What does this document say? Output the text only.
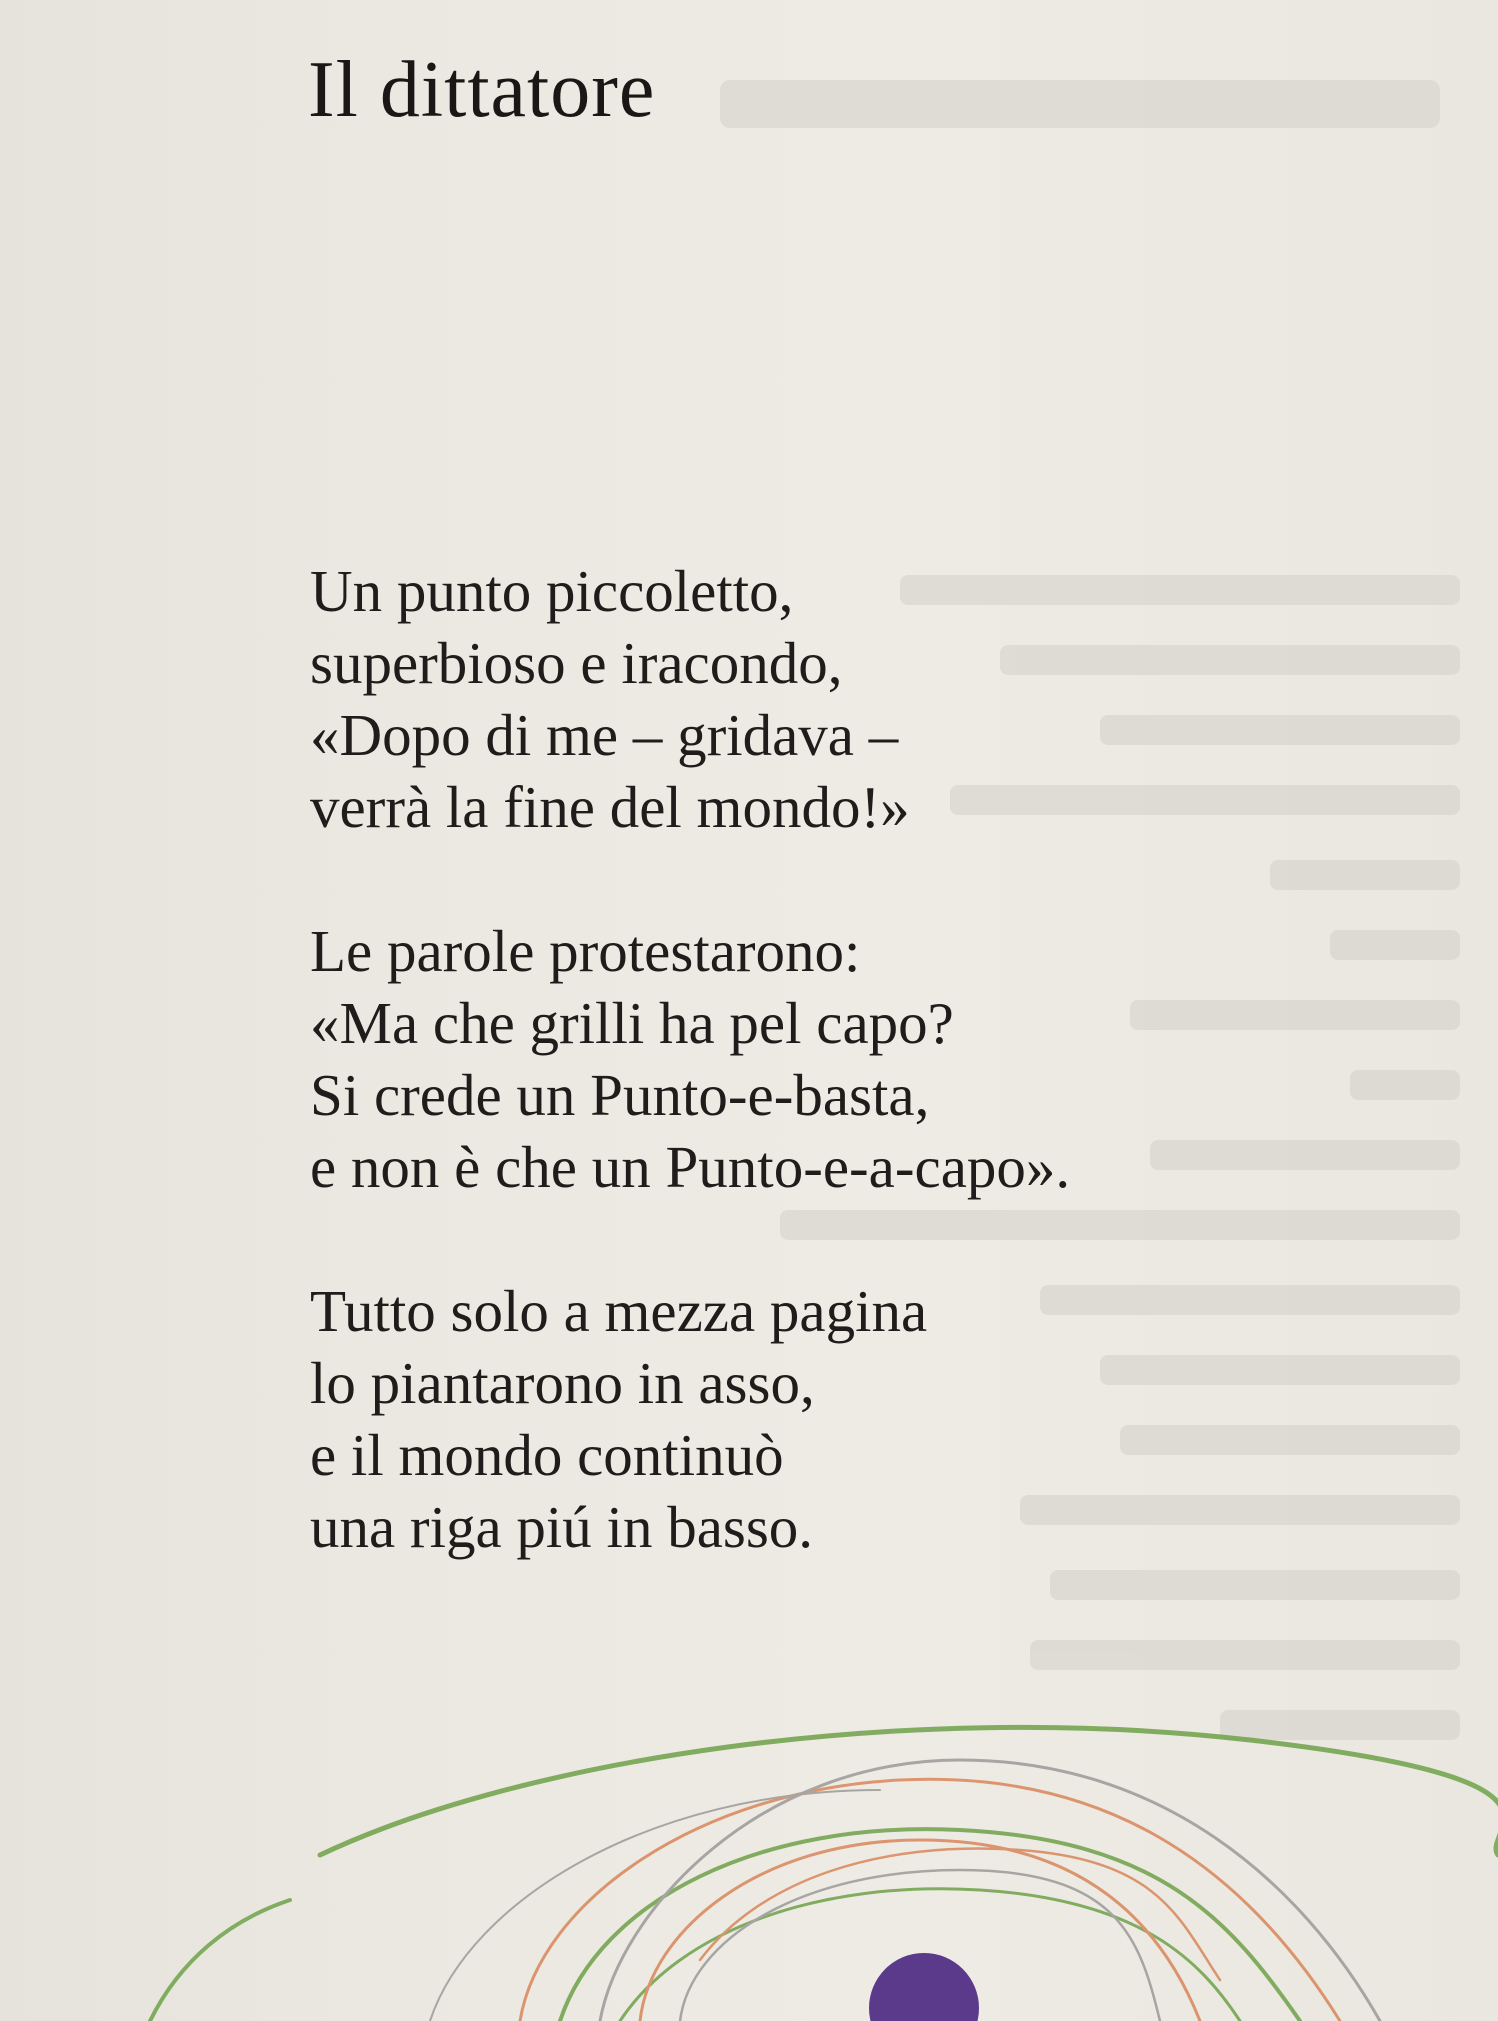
Il dittatore
Un punto piccoletto,
superbioso e iracondo,
«Dopo di me – gridava –
verrà la fine del mondo!»
Le parole protestarono:
«Ma che grilli ha pel capo?
Si crede un Punto-e-basta,
e non è che un Punto-e-a-capo».
Tutto solo a mezza pagina
lo piantarono in asso,
e il mondo continuò
una riga piú in basso.
